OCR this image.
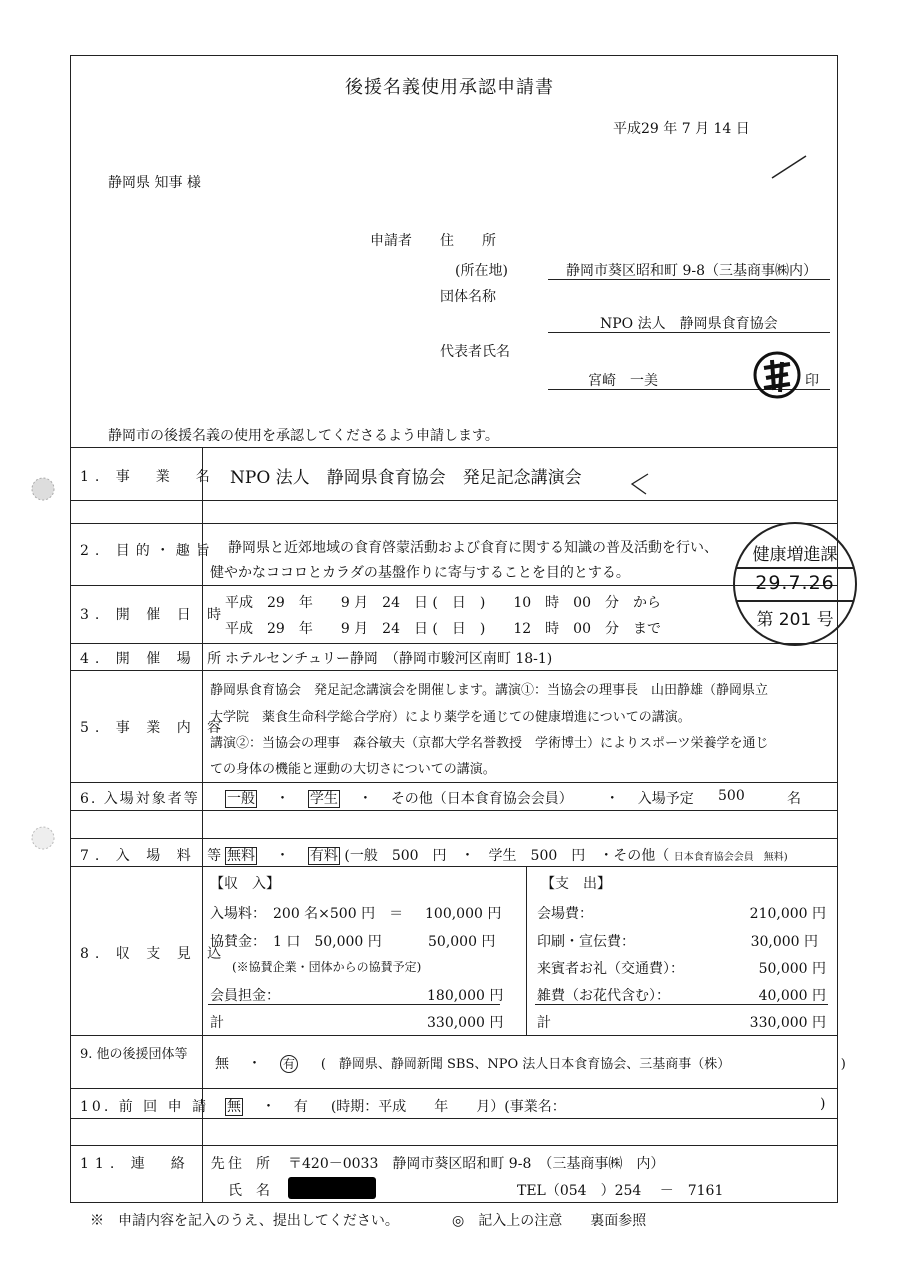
後援名義使用承認申請書
平成29 年 7 月 14 日
静岡県 知事 様
申請者 住　　所
(所在地)	静岡市葵区昭和町 9-8（三基商事㈱内）
団体名称
NPO 法人　静岡県食育協会
代表者氏名
宮崎　一美	印
静岡市の後援名義の使用を承認してくださるよう申請します。
1. 事　業　名 NPO 法人　静岡県食育協会　発足記念講演会
2. 目的・趣旨 静岡県と近郊地域の食育啓蒙活動および食育に関する知識の普及活動を行い、
健やかなココロとカラダの基盤作りに寄与することを目的とする。
3. 開 催 日 時
平成　29　年　　9 月　24　日 (　日　)　　10　時　00　分　から
平成　29　年　　9 月　24　日 (　日　)　　12　時　00　分　まで
4. 開 催 場 所
ホテルセンチュリー静岡　（静岡市駿河区南町 18-1)
5. 事 業 内 容
静岡県食育協会　発足記念講演会を開催します。講演①：当協会の理事長　山田静雄（静岡県立
大学院　薬食生命科学総合学府）により薬学を通じての健康増進についての講演。
講演②：当協会の理事　森谷敏夫（京都大学名誉教授　学術博士）によりスポーツ栄養学を通じ
ての身体の機能と運動の大切さについての講演。
6. 入場対象者等 一般 　・　 学生 　・　 その他（日本食育協会会員） 　　・　 入場予定 500	名
7. 入 場 料 等 無料 　・　 有料 (一般　500　円　・　学生　500　円　・その他（ 日本食育協会会員　無料)
8. 収 支 見 込
【収　入】
入場料：　200 名×500 円　＝ 100,000 円
協賛金：　1 口　50,000 円	50,000 円
(※協賛企業・団体からの協賛予定)
会員担金：	180,000 円
計	330,000 円
【支　出】
会場費：	210,000 円
印刷・宣伝費：	30,000 円
来賓者お礼（交通費）：	50,000 円
雑費（お花代含む）：	40,000 円
計	330,000 円
9. 他の後援団体等
無 　・　 有 　 (　静岡県、静岡新聞 SBS、NPO 法人日本食育協会、三基商事（株）　　　　　　　　　)
10. 前 回 申 請 無 　・　 有 　 (時期：平成　　年　　月）(事業名：	)
11. 連　絡　先
住　所 〒420－0033　静岡市葵区昭和町 9-8　（三基商事㈱　内）
氏　名	TEL（054　）254　 －　7161
※　申請内容を記入のうえ、提出してください。	◎　記入上の注意　　裏面参照
健康増進課
29.7.26
第 201 号
